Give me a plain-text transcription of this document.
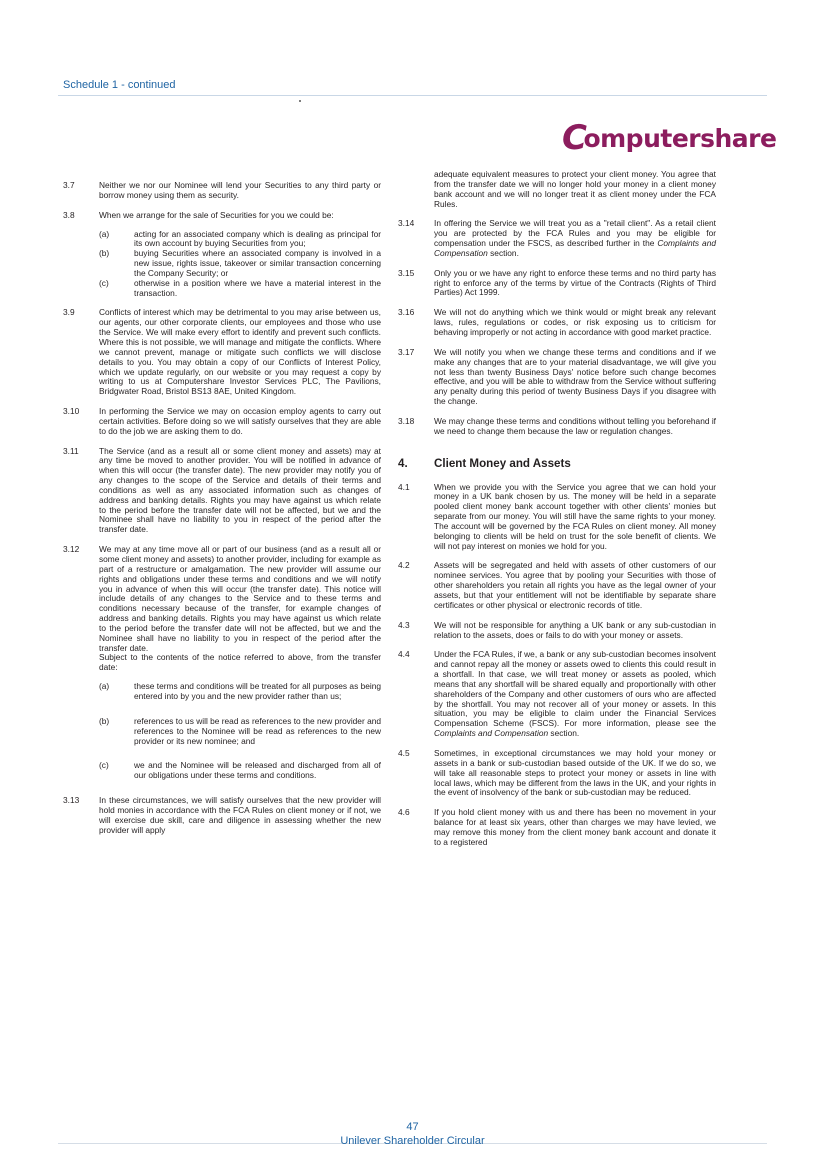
Schedule 1 - continued
C
omputershare
3.7	Neither we nor our Nominee will lend your Securities to any third party or borrow money using them as security.

3.8	When we arrange for the sale of Securities for you we could be:

(a)	acting for an associated company which is dealing as principal for its own account by buying Securities from you;
(b)	buying Securities where an associated company is involved in a new issue, rights issue, takeover or similar transaction concerning the Company Security; or
(c)	otherwise in a position where we have a material interest in the transaction.
3.9	Conflicts of interest which may be detrimental to you may arise between us, our agents, our other corporate clients, our employees and those who use the Service. We will make every effort to identify and prevent such conflicts. Where this is not possible, we will manage and mitigate the conflicts. Where we cannot prevent, manage or mitigate such conflicts we will disclose details to you. You may obtain a copy of our Conflicts of Interest Policy, which we update regularly, on our website or you may request a copy by writing to us at Computershare Investor Services PLC, The Pavilions, Bridgwater Road, Bristol BS13 8AE, United Kingdom.

3.10 In performing the Service we may on occasion employ agents to carry out certain activities. Before doing so we will satisfy ourselves that they are able to do the job we are asking them to do.

3.11 The Service (and as a result all or some client money and assets) may at any time be moved to another provider. You will be notified in advance of when this will occur (the transfer date). The new provider may notify you of any changes to the scope of the Service and details of their terms and conditions as well as any associated information such as changes of address and banking details. Rights you may have against us which relate to the period before the transfer date will not be affected, but we and the Nominee shall have no liability to you in respect of the period after the transfer date.

3.12 We may at any time move all or part of our business (and as a result all or some client money and assets) to another provider, including for example as part of a restructure or amalgamation. The new provider will assume our rights and obligations under these terms and conditions and we will notify you in advance of when this will occur (the transfer date). This notice will include details of any changes to the Service and to these terms and conditions necessary because of the transfer, for example changes of address and banking details. Rights you may have against us which relate to the period before the transfer date will not be affected, but we and the Nominee shall have no liability to you in respect of the period after the transfer date.

Subject to the contents of the notice referred to above, from the transfer date:

(a)	these terms and conditions will be treated for all purposes as being entered into by you and the new provider rather than us;
(b)	references to us will be read as references to the new provider and references to the Nominee will be read as references to the new provider or its new nominee; and
(c)	we and the Nominee will be released and discharged from all of our obligations under these terms and conditions.
3.13 In these circumstances, we will satisfy ourselves that the new provider will hold monies in accordance with the FCA Rules on client money or if not, we will exercise due skill, care and diligence in assessing whether the new provider will apply

adequate equivalent measures to protect your client money. You agree that from the transfer date we will no longer hold your money in a client money bank account and we will no longer treat it as client money under the FCA Rules.

3.14 In offering the Service we will treat you as a "retail client". As a retail client you are protected by the FCA Rules and you may be eligible for compensation under the FSCS, as described further in the Complaints and Compensation section.

3.15 Only you or we have any right to enforce these terms and no third party has right to enforce any of the terms by virtue of the Contracts (Rights of Third Parties) Act 1999.

3.16 We will not do anything which we think would or might break any relevant laws, rules, regulations or codes, or risk exposing us to criticism for behaving improperly or not acting in accordance with good market practice.

3.17 We will notify you when we change these terms and conditions and if we make any changes that are to your material disadvantage, we will give you not less than twenty Business Days' notice before such change becomes effective, and you will be able to withdraw from the Service without suffering any penalty during this period of twenty Business Days if you disagree with the change.

3.18 We may change these terms and conditions without telling you beforehand if we need to change them because the law or regulation changes.

4. Client Money and Assets
4.1	When we provide you with the Service you agree that we can hold your money in a UK bank chosen by us. The money will be held in a separate pooled client money bank account together with other clients' monies but separate from our money. You will still have the same rights to your money. The account will be governed by the FCA Rules on client money. All money belonging to clients will be held on trust for the sole benefit of clients. We will not pay interest on monies we hold for you.

4.2	Assets will be segregated and held with assets of other customers of our nominee services. You agree that by pooling your Securities with those of other shareholders you retain all rights you have as the legal owner of your assets, but that your entitlement will not be identifiable by separate share certificates or other physical or electronic records of title.

4.3	We will not be responsible for anything a UK bank or any sub-custodian in relation to the assets, does or fails to do with your money or assets.

4.4	Under the FCA Rules, if we, a bank or any sub-custodian becomes insolvent and cannot repay all the money or assets owed to clients this could result in a shortfall. In that case, we will treat money or assets as pooled, which means that any shortfall will be shared equally and proportionally with other shareholders of the Company and other customers of ours who are affected by the shortfall. You may not recover all of your money or assets. In this situation, you may be eligible to claim under the Financial Services Compensation Scheme (FSCS). For more information, please see the Complaints and Compensation section.

4.5	Sometimes, in exceptional circumstances we may hold your money or assets in a bank or sub-custodian based outside of the UK. If we do so, we will take all reasonable steps to protect your money or assets in line with local laws, which may be different from the laws in the UK, and your rights in the event of insolvency of the bank or sub-custodian may be reduced.

4.6	If you hold client money with us and there has been no movement in your balance for at least six years, other than charges we may have levied, we may remove this money from the client money bank account and donate it to a registered

47
Unilever Shareholder Circular
